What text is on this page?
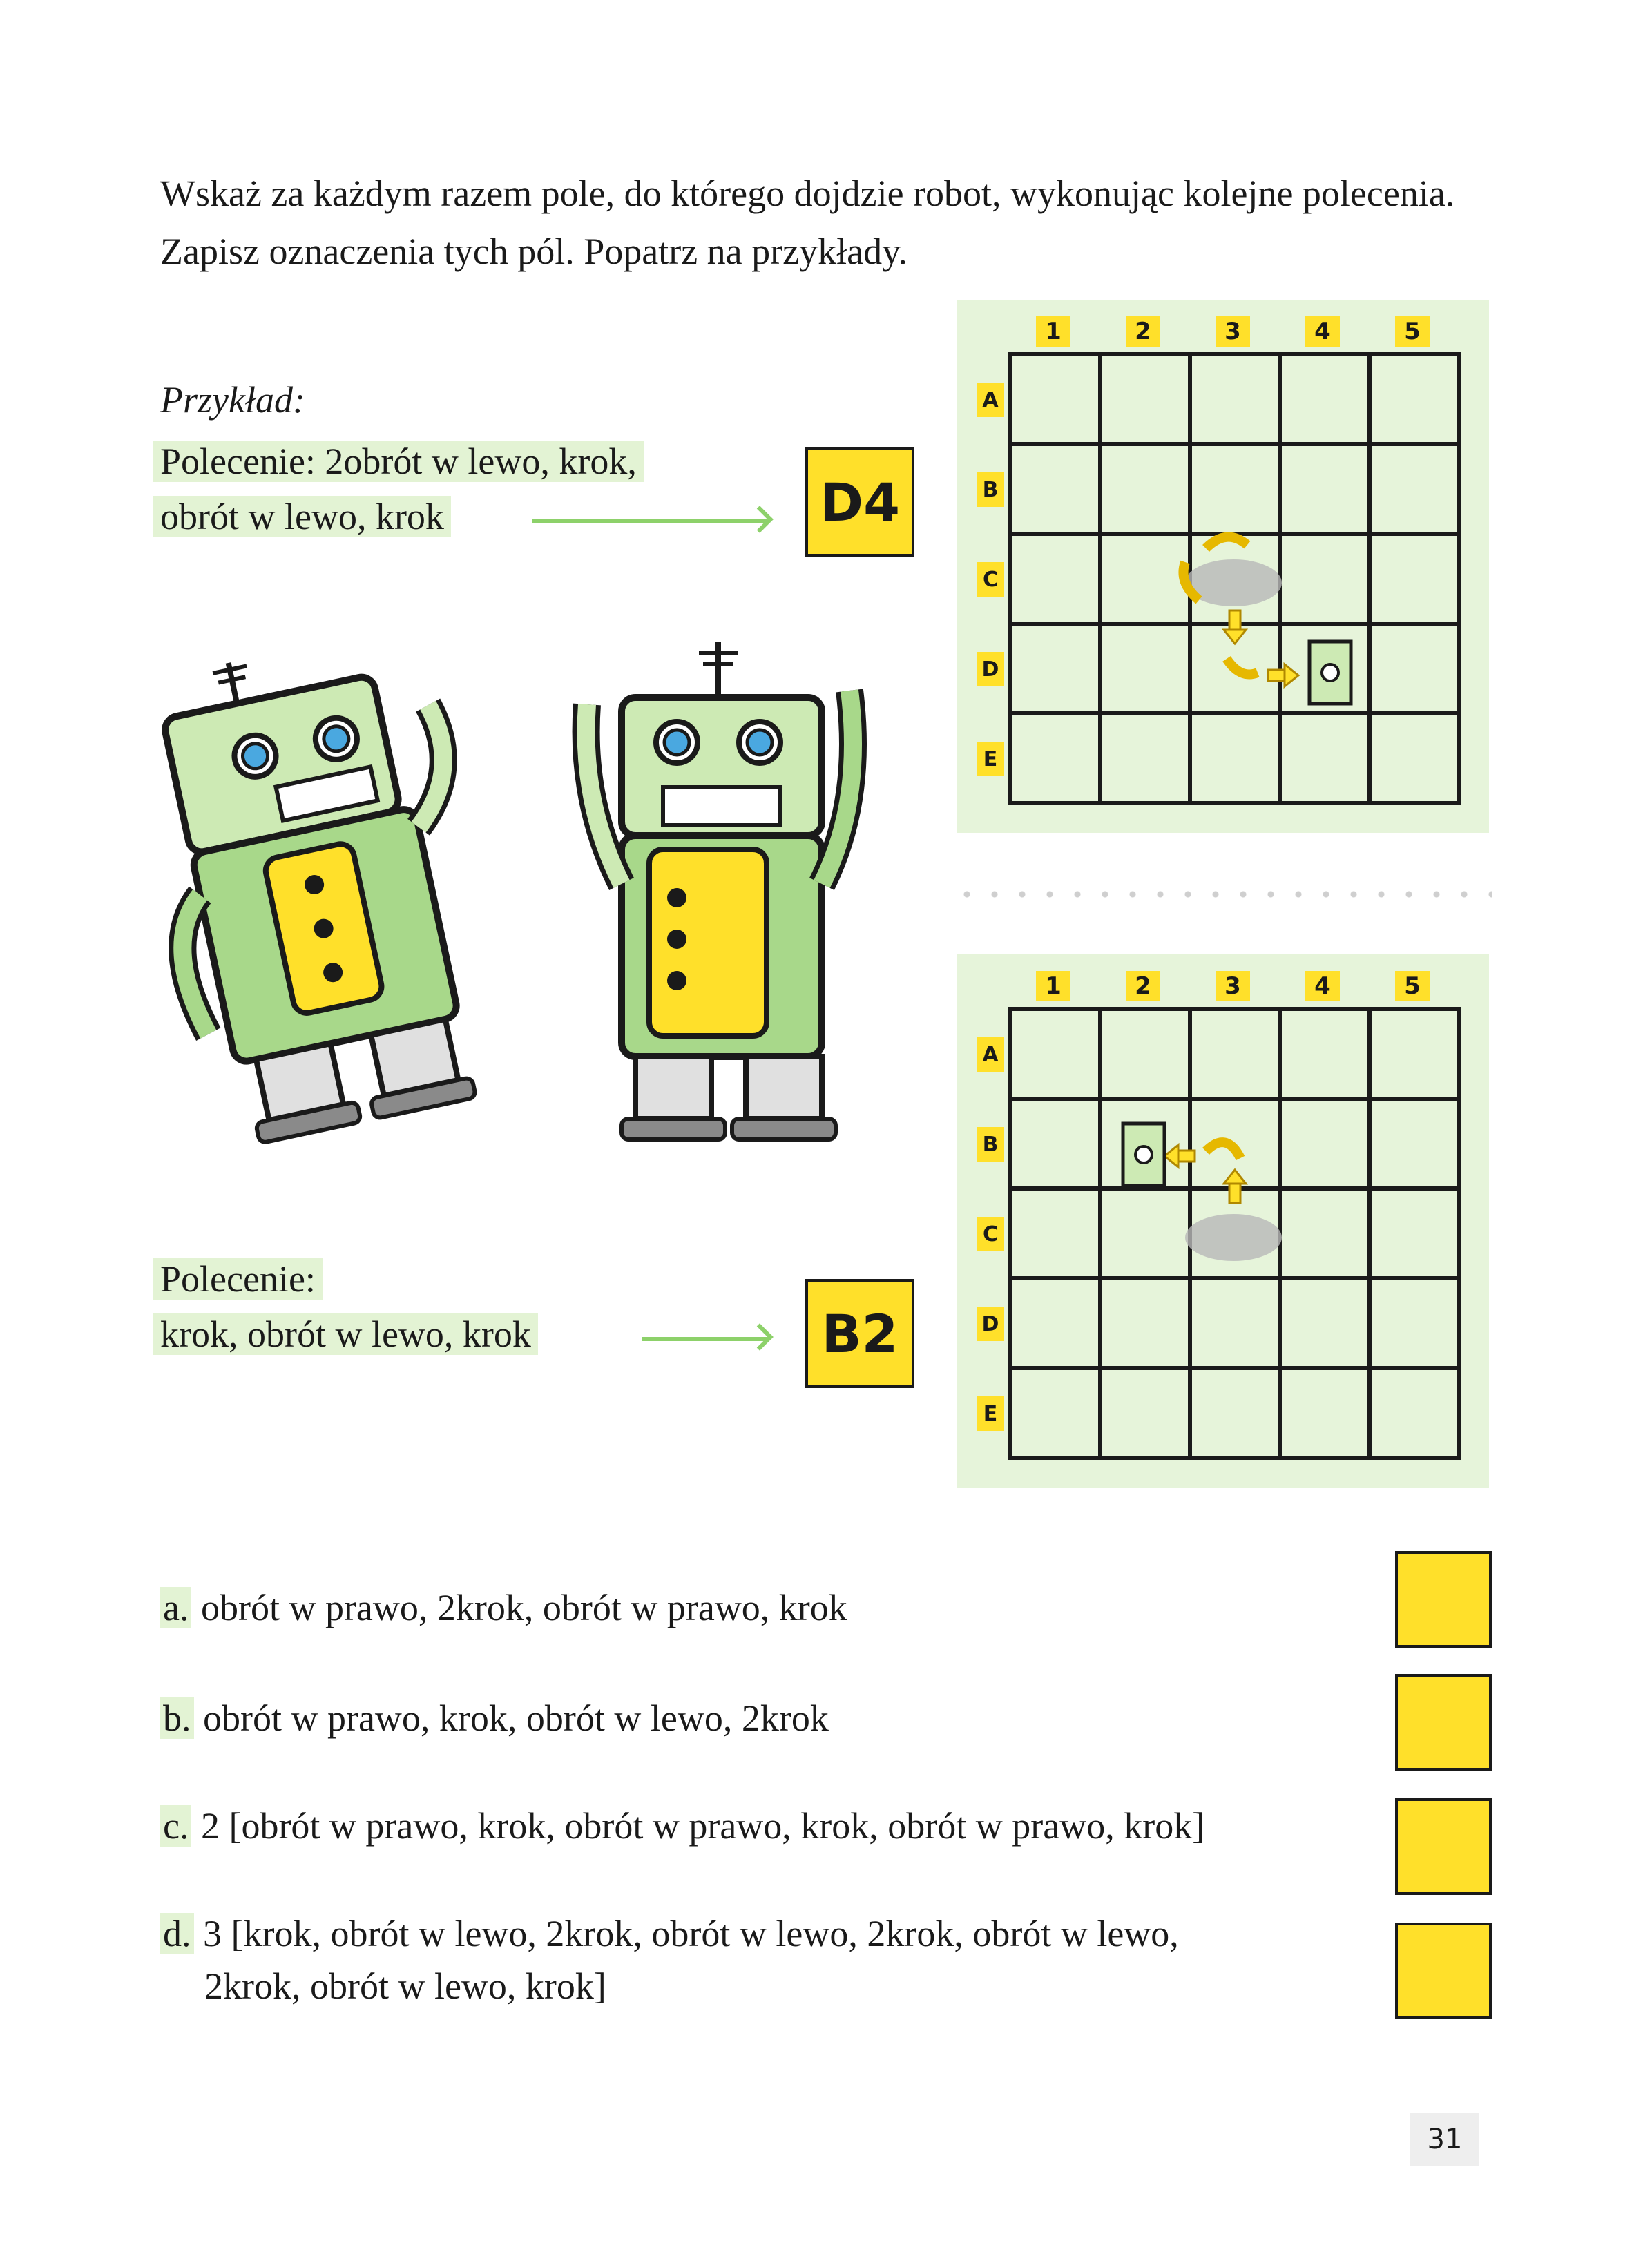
Wskaż za każdym razem pole, do którego dojdzie robot, wykonując kolejne polecenia. Zapisz oznaczenia tych pól. Popatrz na przykłady.
Przykład:
Polecenie: 2obrót w lewo, krok,
obrót w lewo, krok	D4
1	2	3	4	5
A
B
C
D
E

Polecenie:
krok, obrót w lewo, krok	B2
1	2	3	4	5
A
B
C
D
E

a. obrót w prawo, 2krok, obrót w prawo, krok
b. obrót w prawo, krok, obrót w lewo, 2krok
c. 2 [obrót w prawo, krok, obrót w prawo, krok, obrót w prawo, krok]
d. 3 [krok, obrót w lewo, 2krok, obrót w lewo, 2krok, obrót w lewo,
2krok, obrót w lewo, krok]
31
